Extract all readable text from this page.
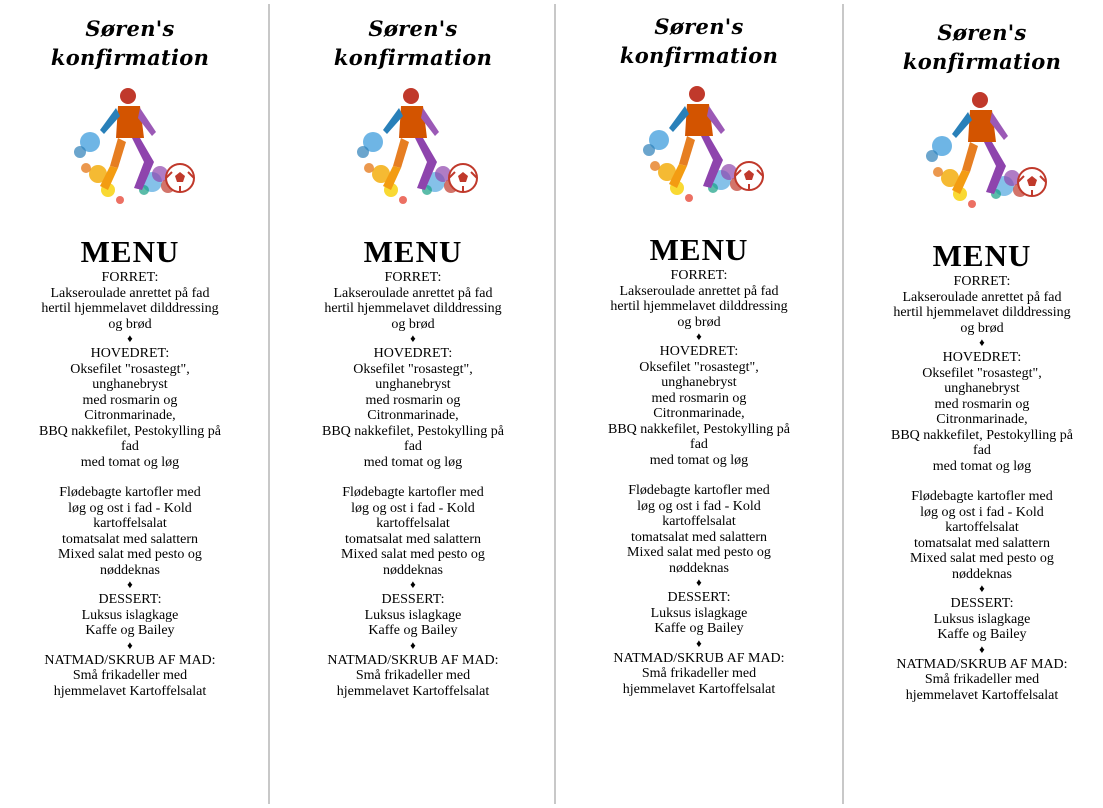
Søren's
konfirmation
MENU
FORRET:
Lakseroulade anrettet på fad
hertil hjemmelavet dilddressing
og brød
♦
HOVEDRET:
Oksefilet "rosastegt",
unghanebryst
med rosmarin og
Citronmarinade,
BBQ nakkefilet, Pestokylling på
fad
med tomat og løg
Flødebagte kartofler med
løg og ost i fad - Kold
kartoffelsalat
tomatsalat med salattern
Mixed salat med pesto og
nøddeknas
♦
DESSERT:
Luksus islagkage
Kaffe og Bailey
♦
NATMAD/SKRUB AF MAD:
Små frikadeller med
hjemmelavet Kartoffelsalat
Søren's
konfirmation
MENU
FORRET:
Lakseroulade anrettet på fad
hertil hjemmelavet dilddressing
og brød
♦
HOVEDRET:
Oksefilet "rosastegt",
unghanebryst
med rosmarin og
Citronmarinade,
BBQ nakkefilet, Pestokylling på
fad
med tomat og løg
Flødebagte kartofler med
løg og ost i fad - Kold
kartoffelsalat
tomatsalat med salattern
Mixed salat med pesto og
nøddeknas
♦
DESSERT:
Luksus islagkage
Kaffe og Bailey
♦
NATMAD/SKRUB AF MAD:
Små frikadeller med
hjemmelavet Kartoffelsalat
Søren's
konfirmation
MENU
FORRET:
Lakseroulade anrettet på fad
hertil hjemmelavet dilddressing
og brød
♦
HOVEDRET:
Oksefilet "rosastegt",
unghanebryst
med rosmarin og
Citronmarinade,
BBQ nakkefilet, Pestokylling på
fad
med tomat og løg
Flødebagte kartofler med
løg og ost i fad - Kold
kartoffelsalat
tomatsalat med salattern
Mixed salat med pesto og
nøddeknas
♦
DESSERT:
Luksus islagkage
Kaffe og Bailey
♦
NATMAD/SKRUB AF MAD:
Små frikadeller med
hjemmelavet Kartoffelsalat
Søren's
konfirmation
MENU
FORRET:
Lakseroulade anrettet på fad
hertil hjemmelavet dilddressing
og brød
♦
HOVEDRET:
Oksefilet "rosastegt",
unghanebryst
med rosmarin og
Citronmarinade,
BBQ nakkefilet, Pestokylling på
fad
med tomat og løg
Flødebagte kartofler med
løg og ost i fad - Kold
kartoffelsalat
tomatsalat med salattern
Mixed salat med pesto og
nøddeknas
♦
DESSERT:
Luksus islagkage
Kaffe og Bailey
♦
NATMAD/SKRUB AF MAD:
Små frikadeller med
hjemmelavet Kartoffelsalat
